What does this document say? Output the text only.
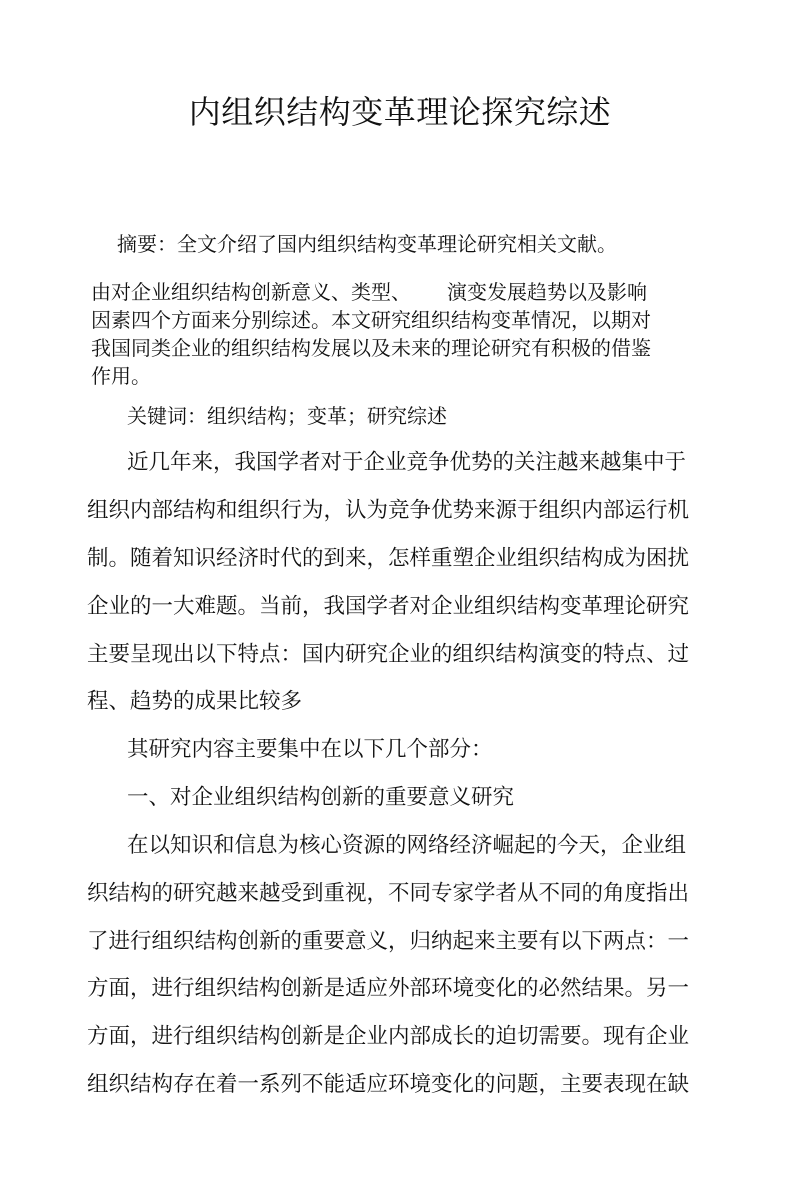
内组织结构变革理论探究综述

摘要：全文介绍了国内组织结构变革理论研究相关文献。

由对企业组织结构创新意义、类型、 演变发展趋势以及影响

因素四个方面来分别综述。本文研究组织结构变革情况，以期对

我国同类企业的组织结构发展以及未来的理论研究有积极的借鉴

作用。

关键词：组织结构；变革；研究综述

近几年来，我国学者对于企业竞争优势的关注越来越集中于

组织内部结构和组织行为，认为竞争优势来源于组织内部运行机

制。随着知识经济时代的到来，怎样重塑企业组织结构成为困扰

企业的一大难题。当前，我国学者对企业组织结构变革理论研究

主要呈现出以下特点：国内研究企业的组织结构演变的特点、过

程、趋势的成果比较多

其研究内容主要集中在以下几个部分：

一、对企业组织结构创新的重要意义研究

在以知识和信息为核心资源的网络经济崛起的今天，企业组

织结构的研究越来越受到重视，不同专家学者从不同的角度指出

了进行组织结构创新的重要意义，归纳起来主要有以下两点：一

方面，进行组织结构创新是适应外部环境变化的必然结果。另一

方面，进行组织结构创新是企业内部成长的迫切需要。现有企业

组织结构存在着一系列不能适应环境变化的问题，主要表现在缺
